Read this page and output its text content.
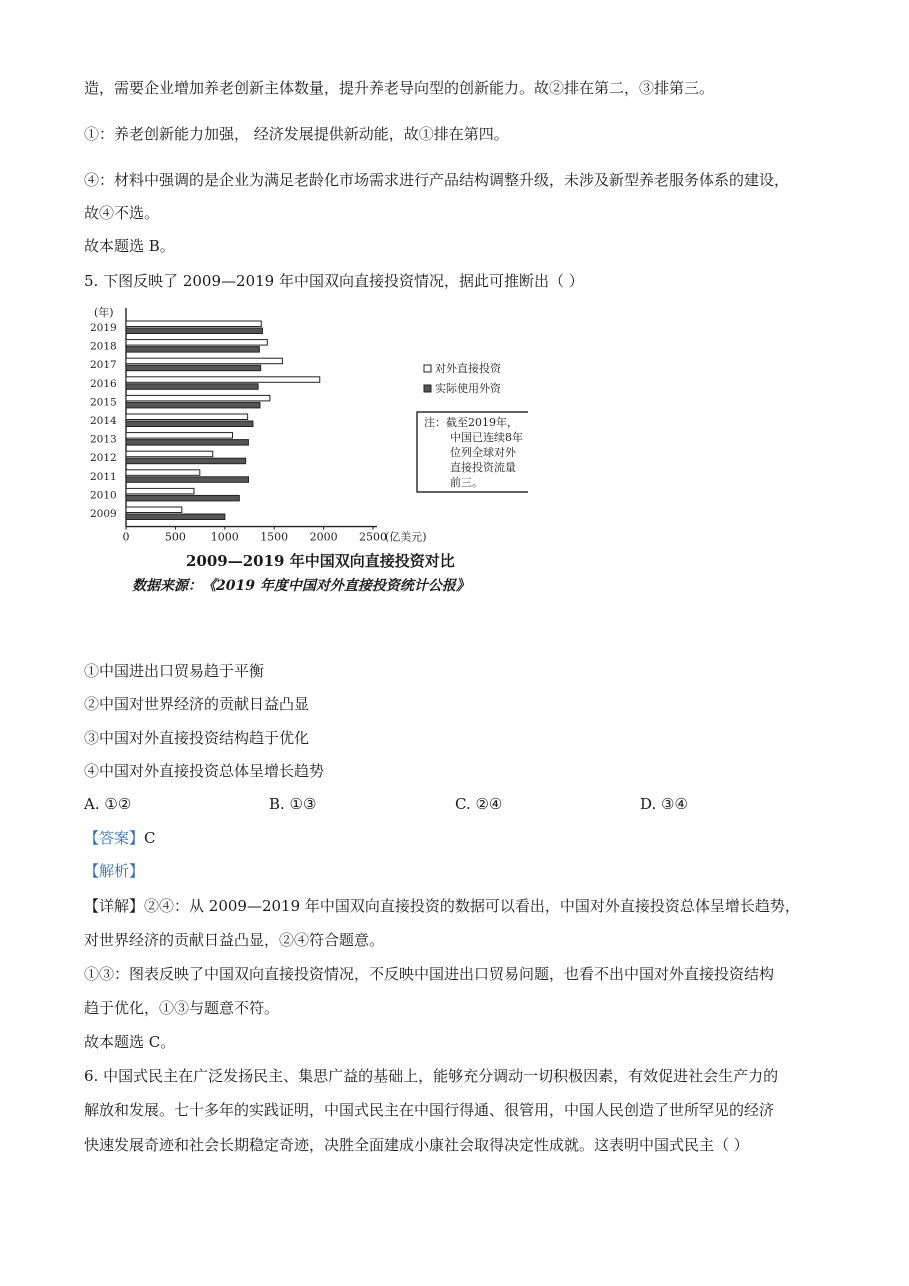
造，需要企业增加养老创新主体数量，提升养老导向型的创新能力。故②排在第二，③排第三。
①：养老创新能力加强， 经济发展提供新动能，故①排在第四。
④：材料中强调的是企业为满足老龄化市场需求进行产品结构调整升级，未涉及新型养老服务体系的建设，
故④不选。
故本题选 B。
5. 下图反映了 2009—2019 年中国双向直接投资情况，据此可推断出（ ）
(年)
0	500 1000 1500 2000 2500
(亿美元)
2019
2018
2017
2016
2015
2014
2013
2012
2011
2010
2009
对外直接投资
实际使用外资
注：截至2019年，
中国已连续8年
位列全球对外
直接投资流量
前三。
2009—2019 年中国双向直接投资对比
数据来源：《2019 年度中国对外直接投资统计公报》
①中国进出口贸易趋于平衡
②中国对世界经济的贡献日益凸显
③中国对外直接投资结构趋于优化
④中国对外直接投资总体呈增长趋势
A. ①②	B. ①③	C. ②④	D. ③④
【答案】C
【解析】
【详解】②④：从 2009—2019 年中国双向直接投资的数据可以看出，中国对外直接投资总体呈增长趋势，
对世界经济的贡献日益凸显，②④符合题意。
①③：图表反映了中国双向直接投资情况，不反映中国进出口贸易问题，也看不出中国对外直接投资结构
趋于优化，①③与题意不符。
故本题选 C。
6. 中国式民主在广泛发扬民主、集思广益的基础上，能够充分调动一切积极因素，有效促进社会生产力的
解放和发展。七十多年的实践证明，中国式民主在中国行得通、很管用，中国人民创造了世所罕见的经济
快速发展奇迹和社会长期稳定奇迹，决胜全面建成小康社会取得决定性成就。这表明中国式民主（ ）
